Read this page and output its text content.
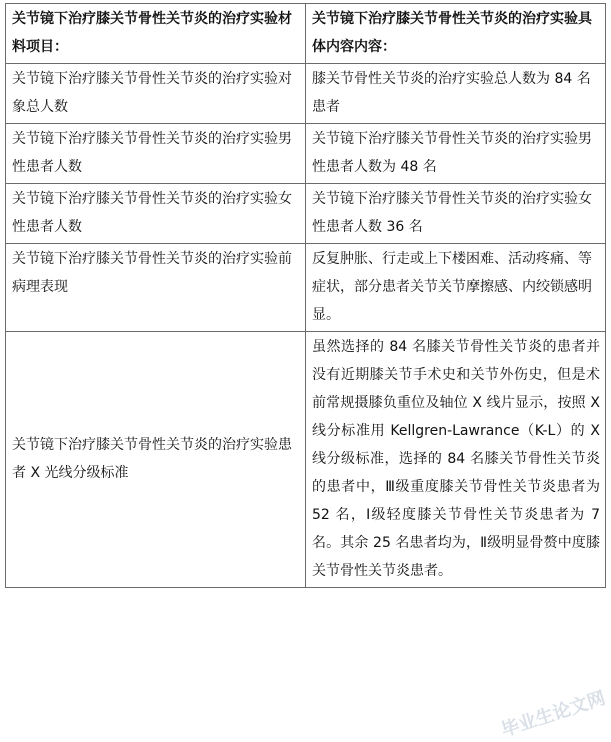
关节镜下治疗膝关节骨性关节炎的治疗实验材料项目：	关节镜下治疗膝关节骨性关节炎的治疗实验具体内容内容：
关节镜下治疗膝关节骨性关节炎的治疗实验对象总人数	膝关节骨性关节炎的治疗实验总人数为 84 名患者
关节镜下治疗膝关节骨性关节炎的治疗实验男性患者人数	关节镜下治疗膝关节骨性关节炎的治疗实验男性患者人数为 48 名
关节镜下治疗膝关节骨性关节炎的治疗实验女性患者人数	关节镜下治疗膝关节骨性关节炎的治疗实验女性患者人数 36 名
关节镜下治疗膝关节骨性关节炎的治疗实验前病理表现	反复肿胀、行走或上下楼困难、活动疼痛、等症状，部分患者关节关节摩擦感、内绞锁感明显。
关节镜下治疗膝关节骨性关节炎的治疗实验患者 X 光线分级标准	虽然选择的 84 名膝关节骨性关节炎的患者并没有近期膝关节手术史和关节外伤史，但是术前常规摄膝负重位及轴位 X 线片显示，按照 X 线分标准用 Kellgren-Lawrance（K-L）的 X 线分级标准，选择的 84 名膝关节骨性关节炎的患者中，Ⅲ级重度膝关节骨性关节炎患者为 52 名，Ⅰ级轻度膝关节骨性关节炎患者为 7 名。其余 25 名患者均为，Ⅱ级明显骨赘中度膝关节骨性关节炎患者。
毕业生论文网
